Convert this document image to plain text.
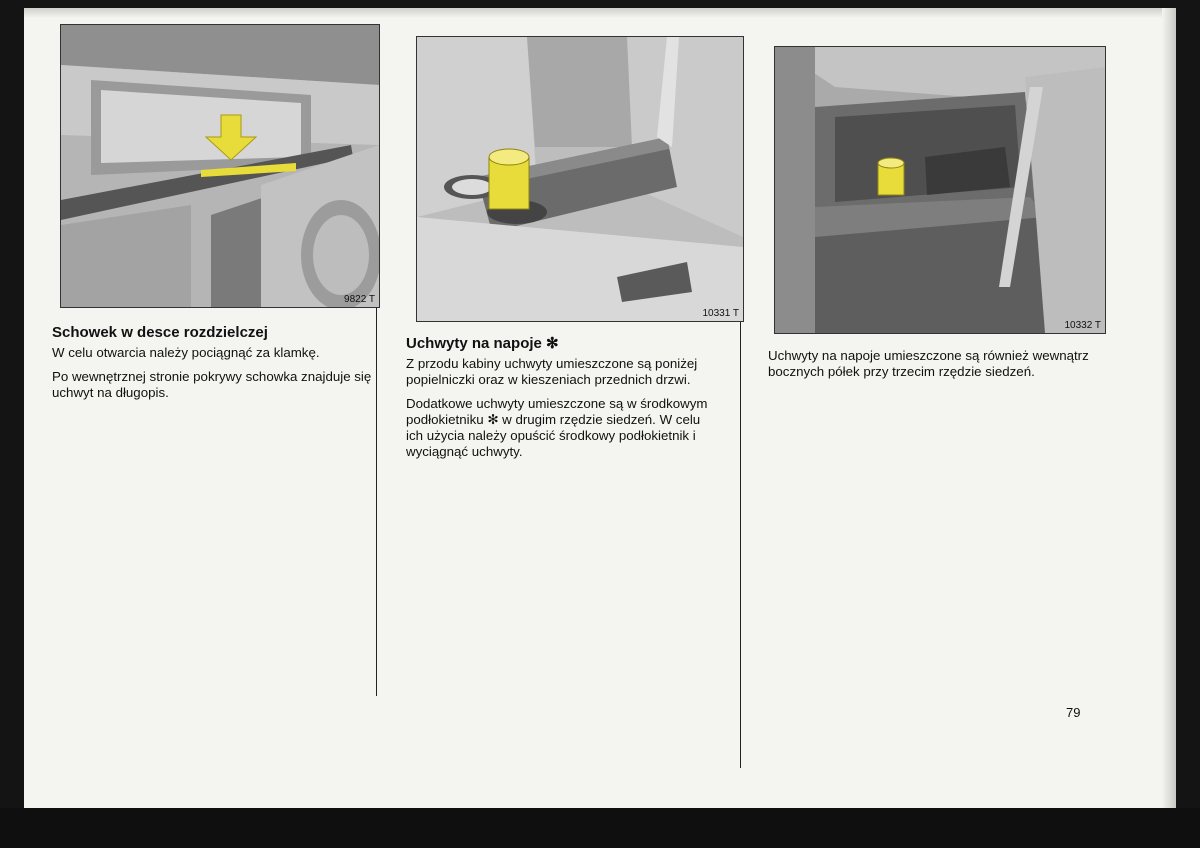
9822 T
10331 T
10332 T
Schowek w desce rozdzielczej

W celu otwarcia należy pociągnąć za klamkę.

Po wewnętrznej stronie pokrywy schowka znajduje się uchwyt na długopis.

Uchwyty na napoje ✻

Z przodu kabiny uchwyty umieszczone są poniżej popielniczki oraz w kieszeniach przednich drzwi.

Dodatkowe uchwyty umieszczone są w środkowym podłokietniku ✻ w drugim rzędzie siedzeń. W celu ich użycia należy opuścić środkowy podłokietnik i wyciągnąć uchwyty.

Uchwyty na napoje umieszczone są również wewnątrz bocznych półek przy trzecim rzędzie siedzeń.

79
